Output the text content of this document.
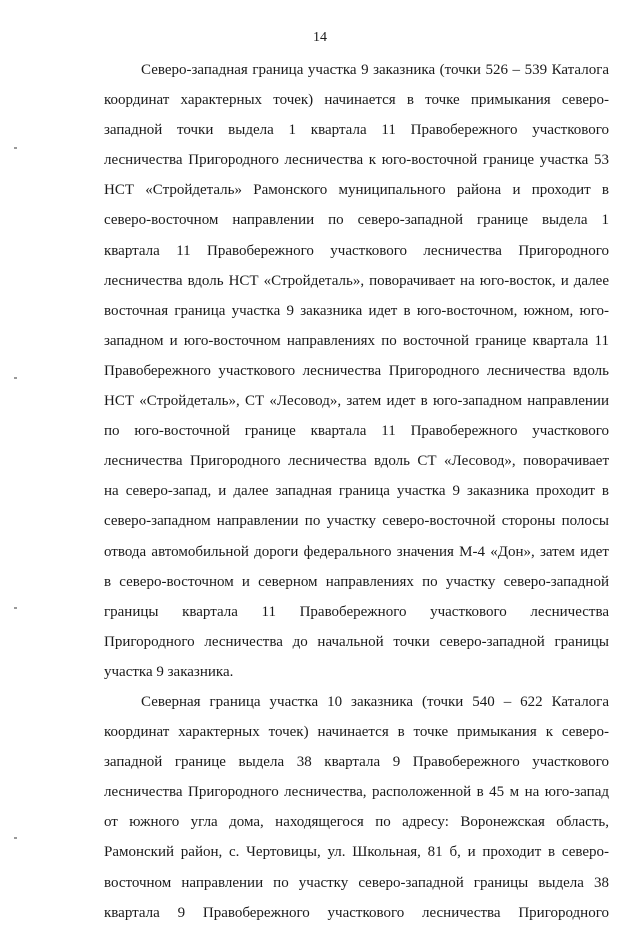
14
Северо-западная граница участка 9 заказника (точки 526 – 539 Каталога
координат характерных точек) начинается в точке примыкания северо-
западной точки выдела 1 квартала 11 Правобережного участкового
лесничества Пригородного лесничества к юго-восточной границе участка 53
НСТ «Стройдеталь» Рамонского муниципального района и проходит в
северо-восточном направлении по северо-западной границе выдела 1
квартала 11 Правобережного участкового лесничества Пригородного
лесничества вдоль НСТ «Стройдеталь», поворачивает на юго-восток, и далее
восточная граница участка 9 заказника идет в юго-восточном, южном, юго-
западном и юго-восточном направлениях по восточной границе квартала 11
Правобережного участкового лесничества Пригородного лесничества вдоль
НСТ «Стройдеталь», СТ «Лесовод», затем идет в юго-западном направлении
по юго-восточной границе квартала 11 Правобережного участкового
лесничества Пригородного лесничества вдоль СТ «Лесовод», поворачивает
на северо-запад, и далее западная граница участка 9 заказника проходит в
северо-западном направлении по участку северо-восточной стороны полосы
отвода автомобильной дороги федерального значения М-4 «Дон», затем идет
в северо-восточном и северном направлениях по участку северо-западной
границы квартала 11 Правобережного участкового лесничества
Пригородного лесничества до начальной точки северо-западной границы
участка 9 заказника.
Северная граница участка 10 заказника (точки 540 – 622 Каталога
координат характерных точек) начинается в точке примыкания к северо-
западной границе выдела 38 квартала 9 Правобережного участкового
лесничества Пригородного лесничества, расположенной в 45 м на юго-запад
от южного угла дома, находящегося по адресу: Воронежская область,
Рамонский район, с. Чертовицы, ул. Школьная, 81 б, и проходит в северо-
восточном направлении по участку северо-западной границы выдела 38
квартала 9 Правобережного участкового лесничества Пригородного
